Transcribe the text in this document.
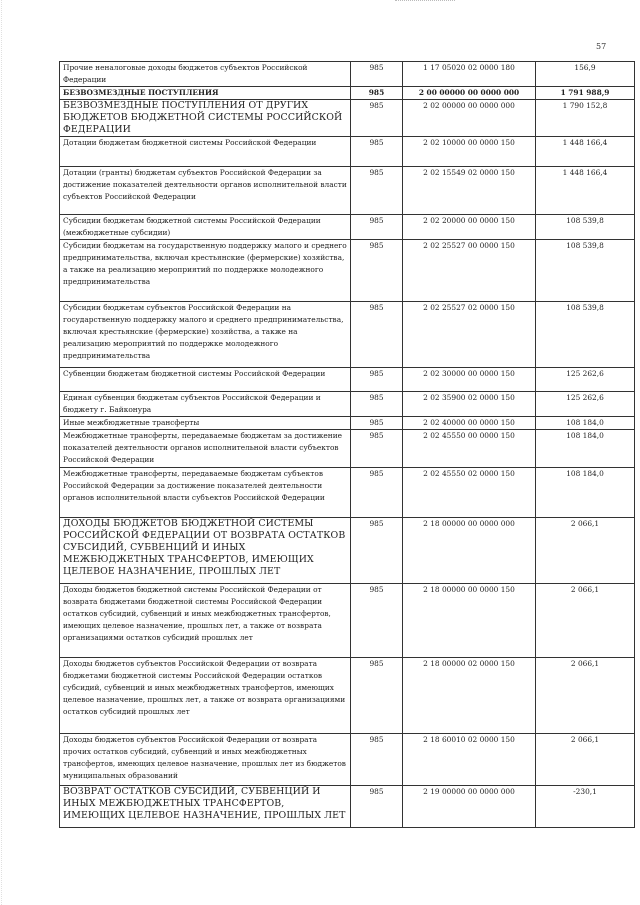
57
Прочие неналоговые доходы бюджетов субъектов Российской Федерации	985	1 17 05020 02 0000 180	156,9
БЕЗВОЗМЕЗДНЫЕ ПОСТУПЛЕНИЯ	985	2 00 00000 00 0000 000	1 791 988,9
БЕЗВОЗМЕЗДНЫЕ ПОСТУПЛЕНИЯ ОТ ДРУГИХ БЮДЖЕТОВ БЮДЖЕТНОЙ СИСТЕМЫ РОССИЙСКОЙ ФЕДЕРАЦИИ	985	2 02 00000 00 0000 000	1 790 152,8
Дотации бюджетам бюджетной системы Российской Федерации	985	2 02 10000 00 0000 150	1 448 166,4
Дотации (гранты) бюджетам субъектов Российской Федерации за достижение показателей деятельности органов исполнительной власти субъектов Российской Федерации	985	2 02 15549 02 0000 150	1 448 166,4
Субсидии бюджетам бюджетной системы Российской Федерации (межбюджетные субсидии)	985	2 02 20000 00 0000 150	108 539,8
Субсидии бюджетам на государственную поддержку малого и среднего предпринимательства, включая крестьянские (фермерские) хозяйства, а также на реализацию мероприятий по поддержке молодежного предпринимательства	985	2 02 25527 00 0000 150	108 539,8
Субсидии бюджетам субъектов Российской Федерации на государственную поддержку малого и среднего предпринимательства, включая крестьянские (фермерские) хозяйства, а также на реализацию мероприятий по поддержке молодежного предпринимательства	985	2 02 25527 02 0000 150	108 539,8
Субвенции бюджетам бюджетной системы Российской Федерации	985	2 02 30000 00 0000 150	125 262,6
Единая субвенция бюджетам субъектов Российской Федерации и бюджету г. Байконура	985	2 02 35900 02 0000 150	125 262,6
Иные межбюджетные трансферты	985	2 02 40000 00 0000 150	108 184,0
Межбюджетные трансферты, передаваемые бюджетам за достижение показателей деятельности органов исполнительной власти субъектов Российской Федерации	985	2 02 45550 00 0000 150	108 184,0
Межбюджетные трансферты, передаваемые бюджетам субъектов Российской Федерации за достижение показателей деятельности органов исполнительной власти субъектов Российской Федерации	985	2 02 45550 02 0000 150	108 184,0
ДОХОДЫ БЮДЖЕТОВ БЮДЖЕТНОЙ СИСТЕМЫ РОССИЙСКОЙ ФЕДЕРАЦИИ ОТ ВОЗВРАТА ОСТАТКОВ СУБСИДИЙ, СУБВЕНЦИЙ И ИНЫХ МЕЖБЮДЖЕТНЫХ ТРАНСФЕРТОВ, ИМЕЮЩИХ ЦЕЛЕВОЕ НАЗНАЧЕНИЕ, ПРОШЛЫХ ЛЕТ	985	2 18 00000 00 0000 000	2 066,1
Доходы бюджетов бюджетной системы Российской Федерации от возврата бюджетами бюджетной системы Российской Федерации остатков субсидий, субвенций и иных межбюджетных трансфертов, имеющих целевое назначение, прошлых лет, а также от возврата организациями остатков субсидий прошлых лет	985	2 18 00000 00 0000 150	2 066,1
Доходы бюджетов субъектов Российской Федерации от возврата бюджетами бюджетной системы Российской Федерации остатков субсидий, субвенций и иных межбюджетных трансфертов, имеющих целевое назначение, прошлых лет, а также от возврата организациями остатков субсидий прошлых лет	985	2 18 00000 02 0000 150	2 066,1
Доходы бюджетов субъектов Российской Федерации от возврата прочих остатков субсидий, субвенций и иных межбюджетных трансфертов, имеющих целевое назначение, прошлых лет из бюджетов муниципальных образований	985	2 18 60010 02 0000 150	2 066,1
ВОЗВРАТ ОСТАТКОВ СУБСИДИЙ, СУБВЕНЦИЙ И ИНЫХ МЕЖБЮДЖЕТНЫХ ТРАНСФЕРТОВ, ИМЕЮЩИХ ЦЕЛЕВОЕ НАЗНАЧЕНИЕ, ПРОШЛЫХ ЛЕТ	985	2 19 00000 00 0000 000	-230,1
